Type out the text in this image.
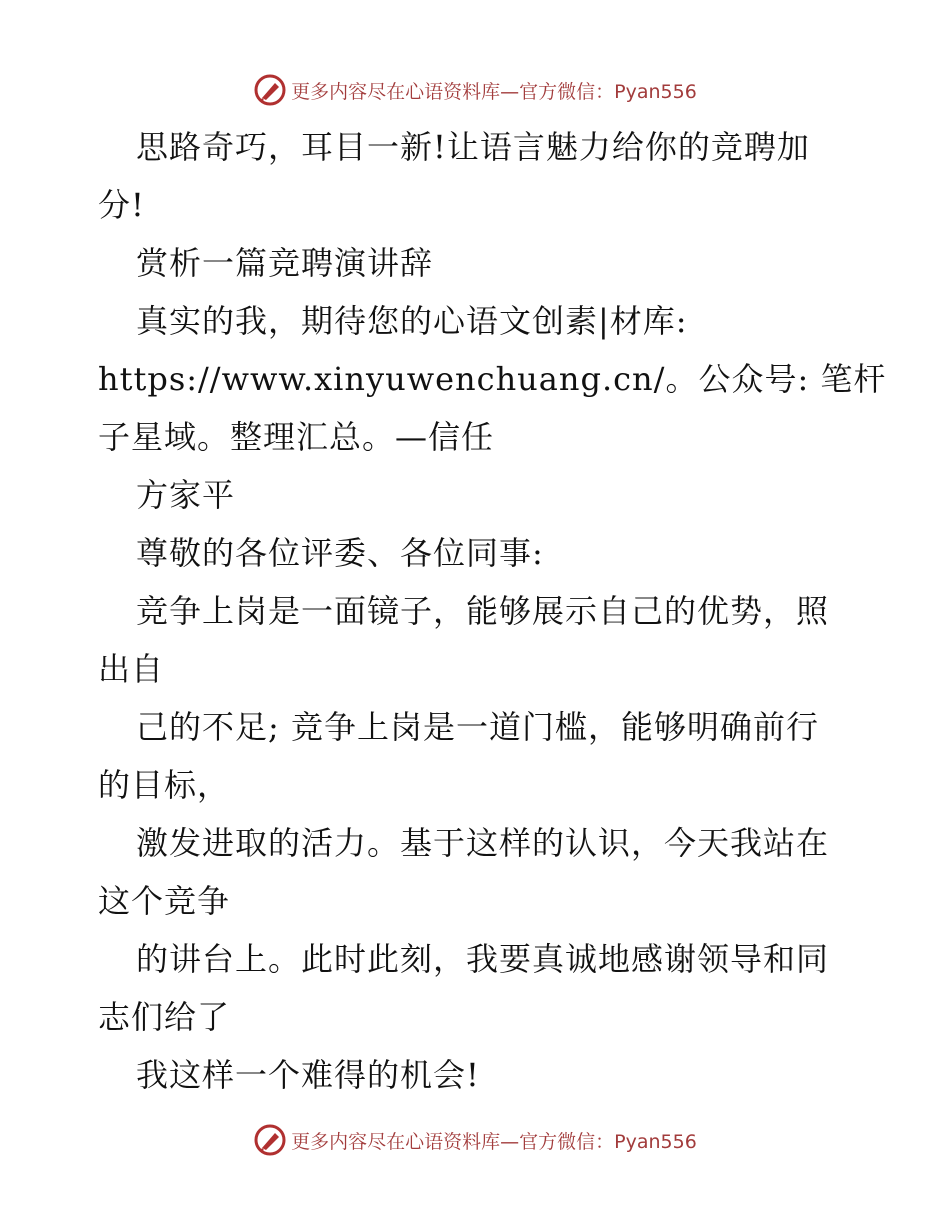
更多内容尽在心语资料库—官方微信：Pyan556
思路奇巧，耳目一新!让语言魅力给你的竞聘加
分!
赏析一篇竞聘演讲辞
真实的我，期待您的心语文创素|材库:
https://www.xinyuwenchuang.cn/。公众号: 笔杆
子星域。整理汇总。—信任
方家平
尊敬的各位评委、各位同事:
竞争上岗是一面镜子，能够展示自己的优势，照
出自
己的不足; 竞争上岗是一道门槛，能够明确前行
的目标，
激发进取的活力。基于这样的认识，今天我站在
这个竞争
的讲台上。此时此刻，我要真诚地感谢领导和同
志们给了
我这样一个难得的机会!
更多内容尽在心语资料库—官方微信：Pyan556
